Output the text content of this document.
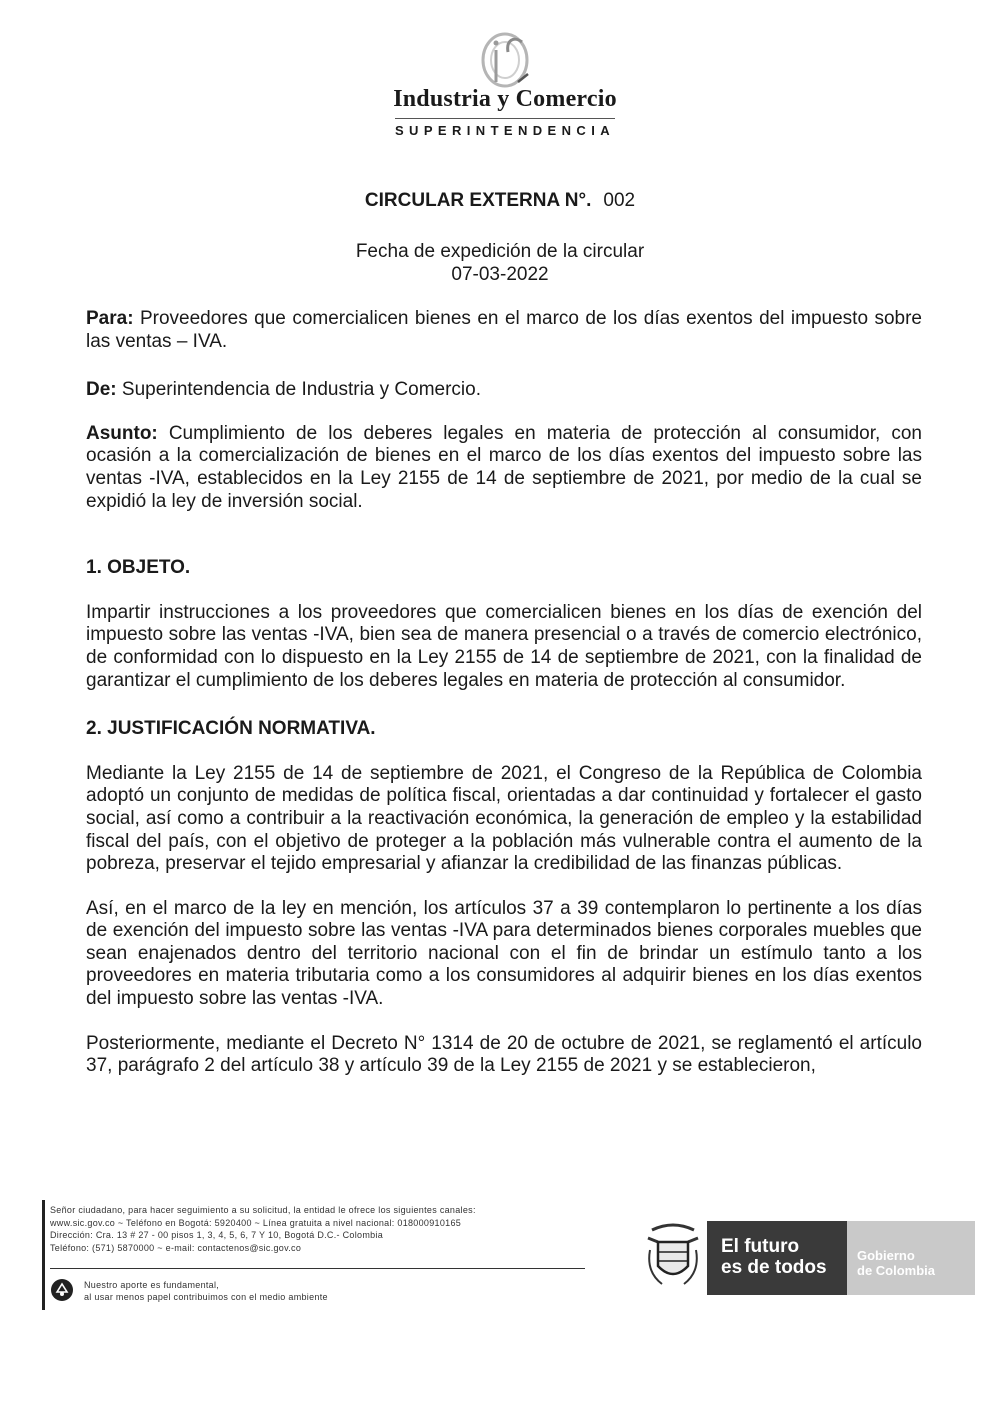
Industria y Comercio
SUPERINTENDENCIA
CIRCULAR EXTERNA N°. 002
Fecha de expedición de la circular
07-03-2022

Para: Proveedores que comercialicen bienes en el marco de los días exentos del impuesto sobre las ventas – IVA.

De: Superintendencia de Industria y Comercio.

Asunto: Cumplimiento de los deberes legales en materia de protección al consumidor, con ocasión a la comercialización de bienes en el marco de los días exentos del impuesto sobre las ventas -IVA, establecidos en la Ley 2155 de 14 de septiembre de 2021, por medio de la cual se expidió la ley de inversión social.

1. OBJETO.

Impartir instrucciones a los proveedores que comercialicen bienes en los días de exención del impuesto sobre las ventas -IVA, bien sea de manera presencial o a través de comercio electrónico, de conformidad con lo dispuesto en la Ley 2155 de 14 de septiembre de 2021, con la finalidad de garantizar el cumplimiento de los deberes legales en materia de protección al consumidor.

2. JUSTIFICACIÓN NORMATIVA.

Mediante la Ley 2155 de 14 de septiembre de 2021, el Congreso de la República de Colombia adoptó un conjunto de medidas de política fiscal, orientadas a dar continuidad y fortalecer el gasto social, así como a contribuir a la reactivación económica, la generación de empleo y la estabilidad fiscal del país, con el objetivo de proteger a la población más vulnerable contra el aumento de la pobreza, preservar el tejido empresarial y afianzar la credibilidad de las finanzas públicas.

Así, en el marco de la ley en mención, los artículos 37 a 39 contemplaron lo pertinente a los días de exención del impuesto sobre las ventas -IVA para determinados bienes corporales muebles que sean enajenados dentro del territorio nacional con el fin de brindar un estímulo tanto a los proveedores en materia tributaria como a los consumidores al adquirir bienes en los días exentos del impuesto sobre las ventas -IVA.

Posteriormente, mediante el Decreto N° 1314 de 20 de octubre de 2021, se reglamentó el artículo 37, parágrafo 2 del artículo 38 y artículo 39 de la Ley 2155 de 2021 y se establecieron,

Señor ciudadano, para hacer seguimiento a su solicitud, la entidad le ofrece los siguientes canales:
www.sic.gov.co ~ Teléfono en Bogotá: 5920400 ~ Línea gratuita a nivel nacional: 018000910165
Dirección: Cra. 13 # 27 - 00 pisos 1, 3, 4, 5, 6, 7 Y 10, Bogotá D.C.- Colombia
Teléfono: (571) 5870000 ~ e-mail: contactenos@sic.gov.co
Nuestro aporte es fundamental,
al usar menos papel contribuimos con el medio ambiente
El futuro
es de todos
Gobierno
de Colombia
